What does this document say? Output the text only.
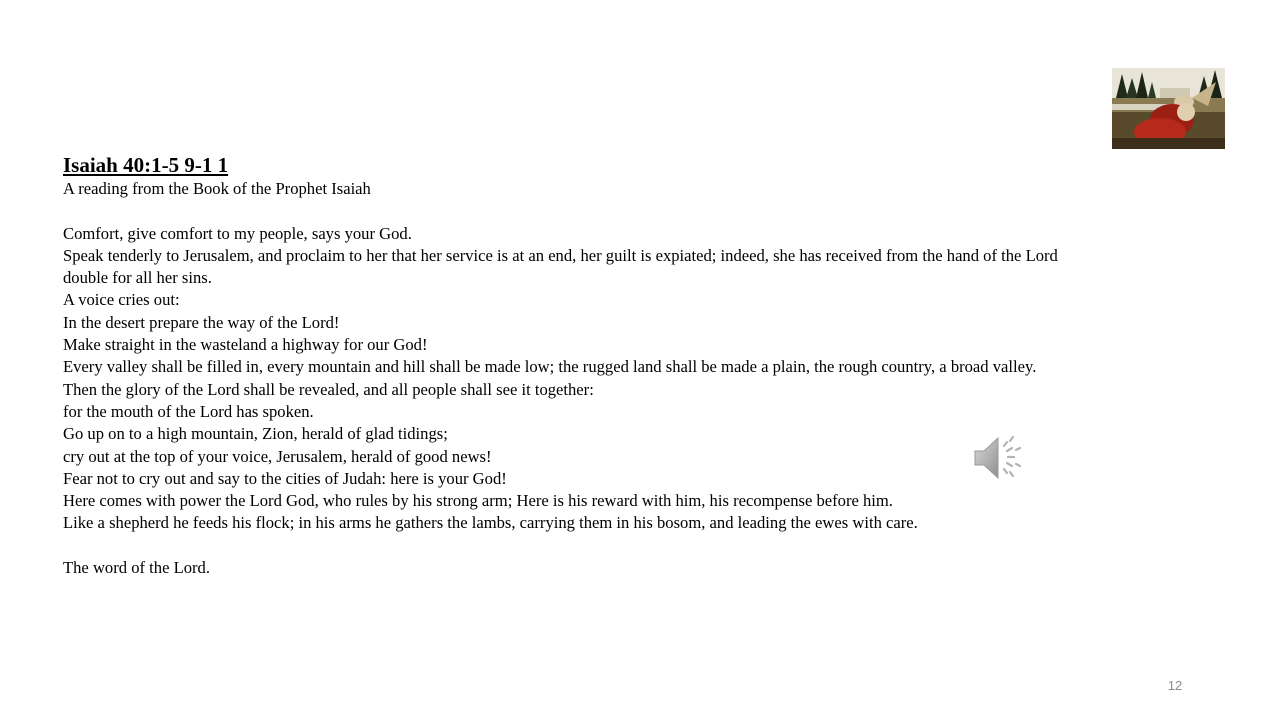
Isaiah 40:1-5 9-1 1
A reading from the Book of the Prophet Isaiah
Comfort, give comfort to my people, says your God.
Speak tenderly to Jerusalem, and proclaim to her that her service is at an end, her guilt is expiated; indeed, she has received from the hand of the Lord double for all her sins.
A voice cries out:
In the desert prepare the way of the Lord!
Make straight in the wasteland a highway for our God!
Every valley shall be filled in, every mountain and hill shall be made low; the rugged land shall be made a plain, the rough country, a broad valley.
Then the glory of the Lord shall be revealed, and all people shall see it together:
for the mouth of the Lord has spoken.
Go up on to a high mountain, Zion, herald of glad tidings;
cry out at the top of your voice, Jerusalem, herald of good news!
Fear not to cry out and say to the cities of Judah: here is your God!
Here comes with power the Lord God, who rules by his strong arm; Here is his reward with him, his recompense before him.
Like a shepherd he feeds his flock; in his arms he gathers the lambs, carrying them in his bosom, and leading the ewes with care.
The word of the Lord.
12
